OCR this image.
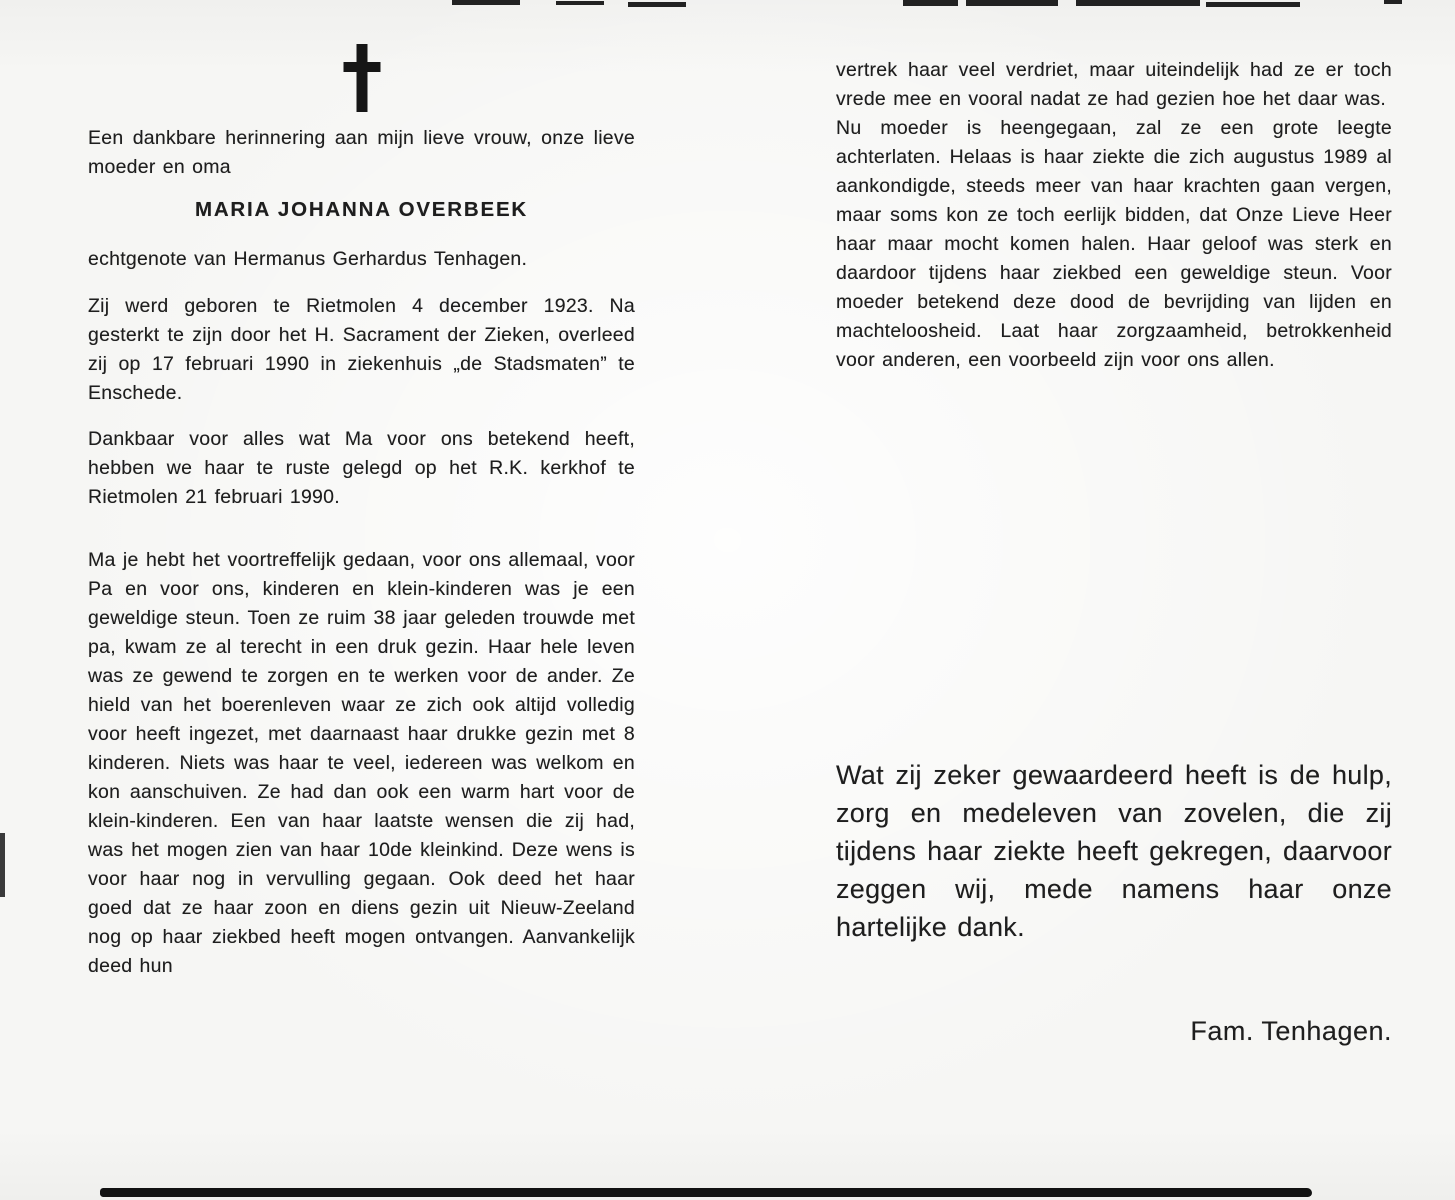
Een dankbare herinnering aan mijn lieve vrouw, onze lieve moeder en oma
MARIA JOHANNA OVERBEEK
echtgenote van Hermanus Gerhardus Tenhagen.
Zij werd geboren te Rietmolen 4 december 1923. Na gesterkt te zijn door het H. Sacrament der Zieken, overleed zij op 17 februari 1990 in ziekenhuis „de Stadsmaten” te Enschede.
Dankbaar voor alles wat Ma voor ons betekend heeft, hebben we haar te ruste gelegd op het R.K. kerkhof te Rietmolen 21 februari 1990.
Ma je hebt het voortreffelijk gedaan, voor ons allemaal, voor Pa en voor ons, kinderen en klein-kinderen was je een geweldige steun. Toen ze ruim 38 jaar geleden trouwde met pa, kwam ze al terecht in een druk gezin. Haar hele leven was ze gewend te zorgen en te werken voor de ander. Ze hield van het boerenleven waar ze zich ook altijd volledig voor heeft ingezet, met daarnaast haar drukke gezin met 8 kinderen. Niets was haar te veel, iedereen was welkom en kon aanschuiven. Ze had dan ook een warm hart voor de klein-kinderen. Een van haar laatste wensen die zij had, was het mogen zien van haar 10de kleinkind. Deze wens is voor haar nog in vervulling gegaan. Ook deed het haar goed dat ze haar zoon en diens gezin uit Nieuw-Zeeland nog op haar ziekbed heeft mogen ontvangen. Aanvankelijk deed hun

vertrek haar veel verdriet, maar uiteindelijk had ze er toch vrede mee en vooral nadat ze had gezien hoe het daar was.

Nu moeder is heengegaan, zal ze een grote leegte achterlaten. Helaas is haar ziekte die zich augustus 1989 al aankondigde, steeds meer van haar krachten gaan vergen, maar soms kon ze toch eerlijk bidden, dat Onze Lieve Heer haar maar mocht komen halen. Haar geloof was sterk en daardoor tijdens haar ziekbed een geweldige steun. Voor moeder betekend deze dood de bevrijding van lijden en machteloosheid. Laat haar zorgzaamheid, betrokkenheid voor anderen, een voorbeeld zijn voor ons allen.

Wat zij zeker gewaardeerd heeft is de hulp, zorg en medeleven van zovelen, die zij tijdens haar ziekte heeft gekregen, daarvoor zeggen wij, mede namens haar onze hartelijke dank.
Fam. Tenhagen.
